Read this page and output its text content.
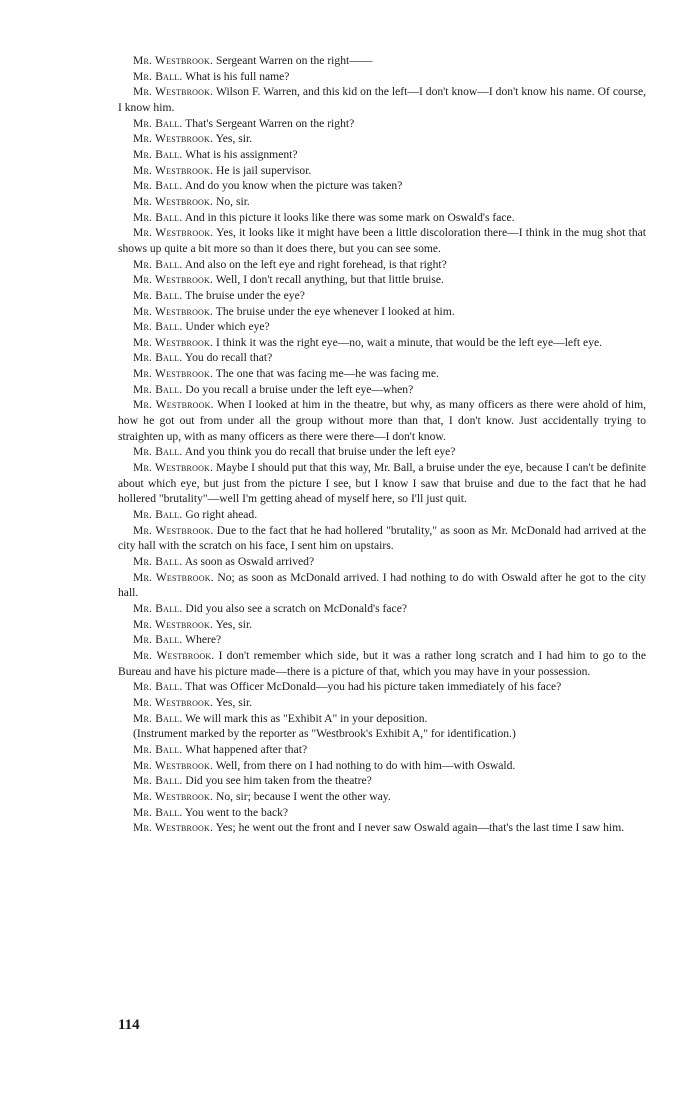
Mr. Westbrook. Sergeant Warren on the right——

Mr. Ball. What is his full name?

Mr. Westbrook. Wilson F. Warren, and this kid on the left—I don't know—I don't know his name. Of course, I know him.

Mr. Ball. That's Sergeant Warren on the right?

Mr. Westbrook. Yes, sir.

Mr. Ball. What is his assignment?

Mr. Westbrook. He is jail supervisor.

Mr. Ball. And do you know when the picture was taken?

Mr. Westbrook. No, sir.

Mr. Ball. And in this picture it looks like there was some mark on Oswald's face.

Mr. Westbrook. Yes, it looks like it might have been a little discoloration there—I think in the mug shot that shows up quite a bit more so than it does there, but you can see some.

Mr. Ball. And also on the left eye and right forehead, is that right?

Mr. Westbrook. Well, I don't recall anything, but that little bruise.

Mr. Ball. The bruise under the eye?

Mr. Westbrook. The bruise under the eye whenever I looked at him.

Mr. Ball. Under which eye?

Mr. Westbrook. I think it was the right eye—no, wait a minute, that would be the left eye—left eye.

Mr. Ball. You do recall that?

Mr. Westbrook. The one that was facing me—he was facing me.

Mr. Ball. Do you recall a bruise under the left eye—when?

Mr. Westbrook. When I looked at him in the theatre, but why, as many officers as there were ahold of him, how he got out from under all the group without more than that, I don't know. Just accidentally trying to straighten up, with as many officers as there were there—I don't know.

Mr. Ball. And you think you do recall that bruise under the left eye?

Mr. Westbrook. Maybe I should put that this way, Mr. Ball, a bruise under the eye, because I can't be definite about which eye, but just from the picture I see, but I know I saw that bruise and due to the fact that he had hollered "brutality"—well I'm getting ahead of myself here, so I'll just quit.

Mr. Ball. Go right ahead.

Mr. Westbrook. Due to the fact that he had hollered "brutality," as soon as Mr. McDonald had arrived at the city hall with the scratch on his face, I sent him on upstairs.

Mr. Ball. As soon as Oswald arrived?

Mr. Westbrook. No; as soon as McDonald arrived. I had nothing to do with Oswald after he got to the city hall.

Mr. Ball. Did you also see a scratch on McDonald's face?

Mr. Westbrook. Yes, sir.

Mr. Ball. Where?

Mr. Westbrook. I don't remember which side, but it was a rather long scratch and I had him to go to the Bureau and have his picture made—there is a picture of that, which you may have in your possession.

Mr. Ball. That was Officer McDonald—you had his picture taken immediately of his face?

Mr. Westbrook. Yes, sir.

Mr. Ball. We will mark this as "Exhibit A" in your deposition.

(Instrument marked by the reporter as "Westbrook's Exhibit A," for identification.)

Mr. Ball. What happened after that?

Mr. Westbrook. Well, from there on I had nothing to do with him—with Oswald.

Mr. Ball. Did you see him taken from the theatre?

Mr. Westbrook. No, sir; because I went the other way.

Mr. Ball. You went to the back?

Mr. Westbrook. Yes; he went out the front and I never saw Oswald again—that's the last time I saw him.

114
